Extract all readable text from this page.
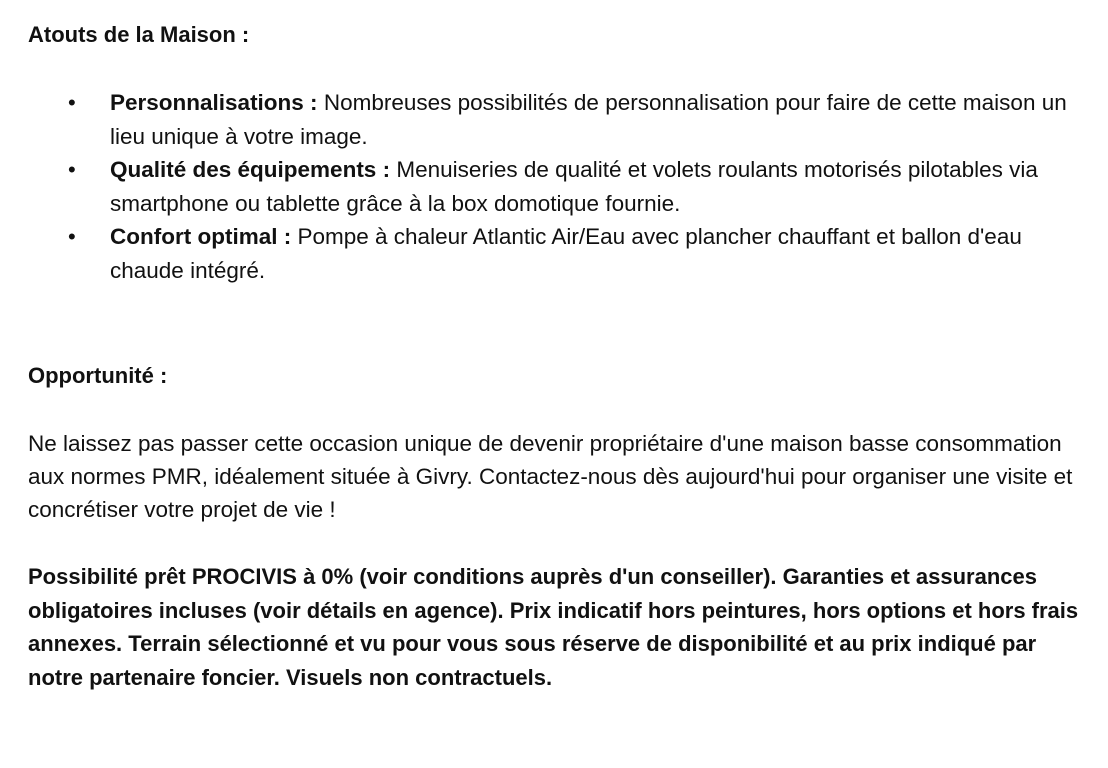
Atouts de la Maison :

• Personnalisations : Nombreuses possibilités de personnalisation pour faire de cette maison un lieu unique à votre image.
• Qualité des équipements : Menuiseries de qualité et volets roulants motorisés pilotables via smartphone ou tablette grâce à la box domotique fournie.
• Confort optimal : Pompe à chaleur Atlantic Air/Eau avec plancher chauffant et ballon d'eau chaude intégré.

Opportunité :

Ne laissez pas passer cette occasion unique de devenir propriétaire d'une maison basse consommation aux normes PMR, idéalement située à Givry. Contactez-nous dès aujourd'hui pour organiser une visite et concrétiser votre projet de vie !

Possibilité prêt PROCIVIS à 0% (voir conditions auprès d'un conseiller). Garanties et assurances obligatoires incluses (voir détails en agence). Prix indicatif hors peintures, hors options et hors frais annexes. Terrain sélectionné et vu pour vous sous réserve de disponibilité et au prix indiqué par notre partenaire foncier. Visuels non contractuels.
